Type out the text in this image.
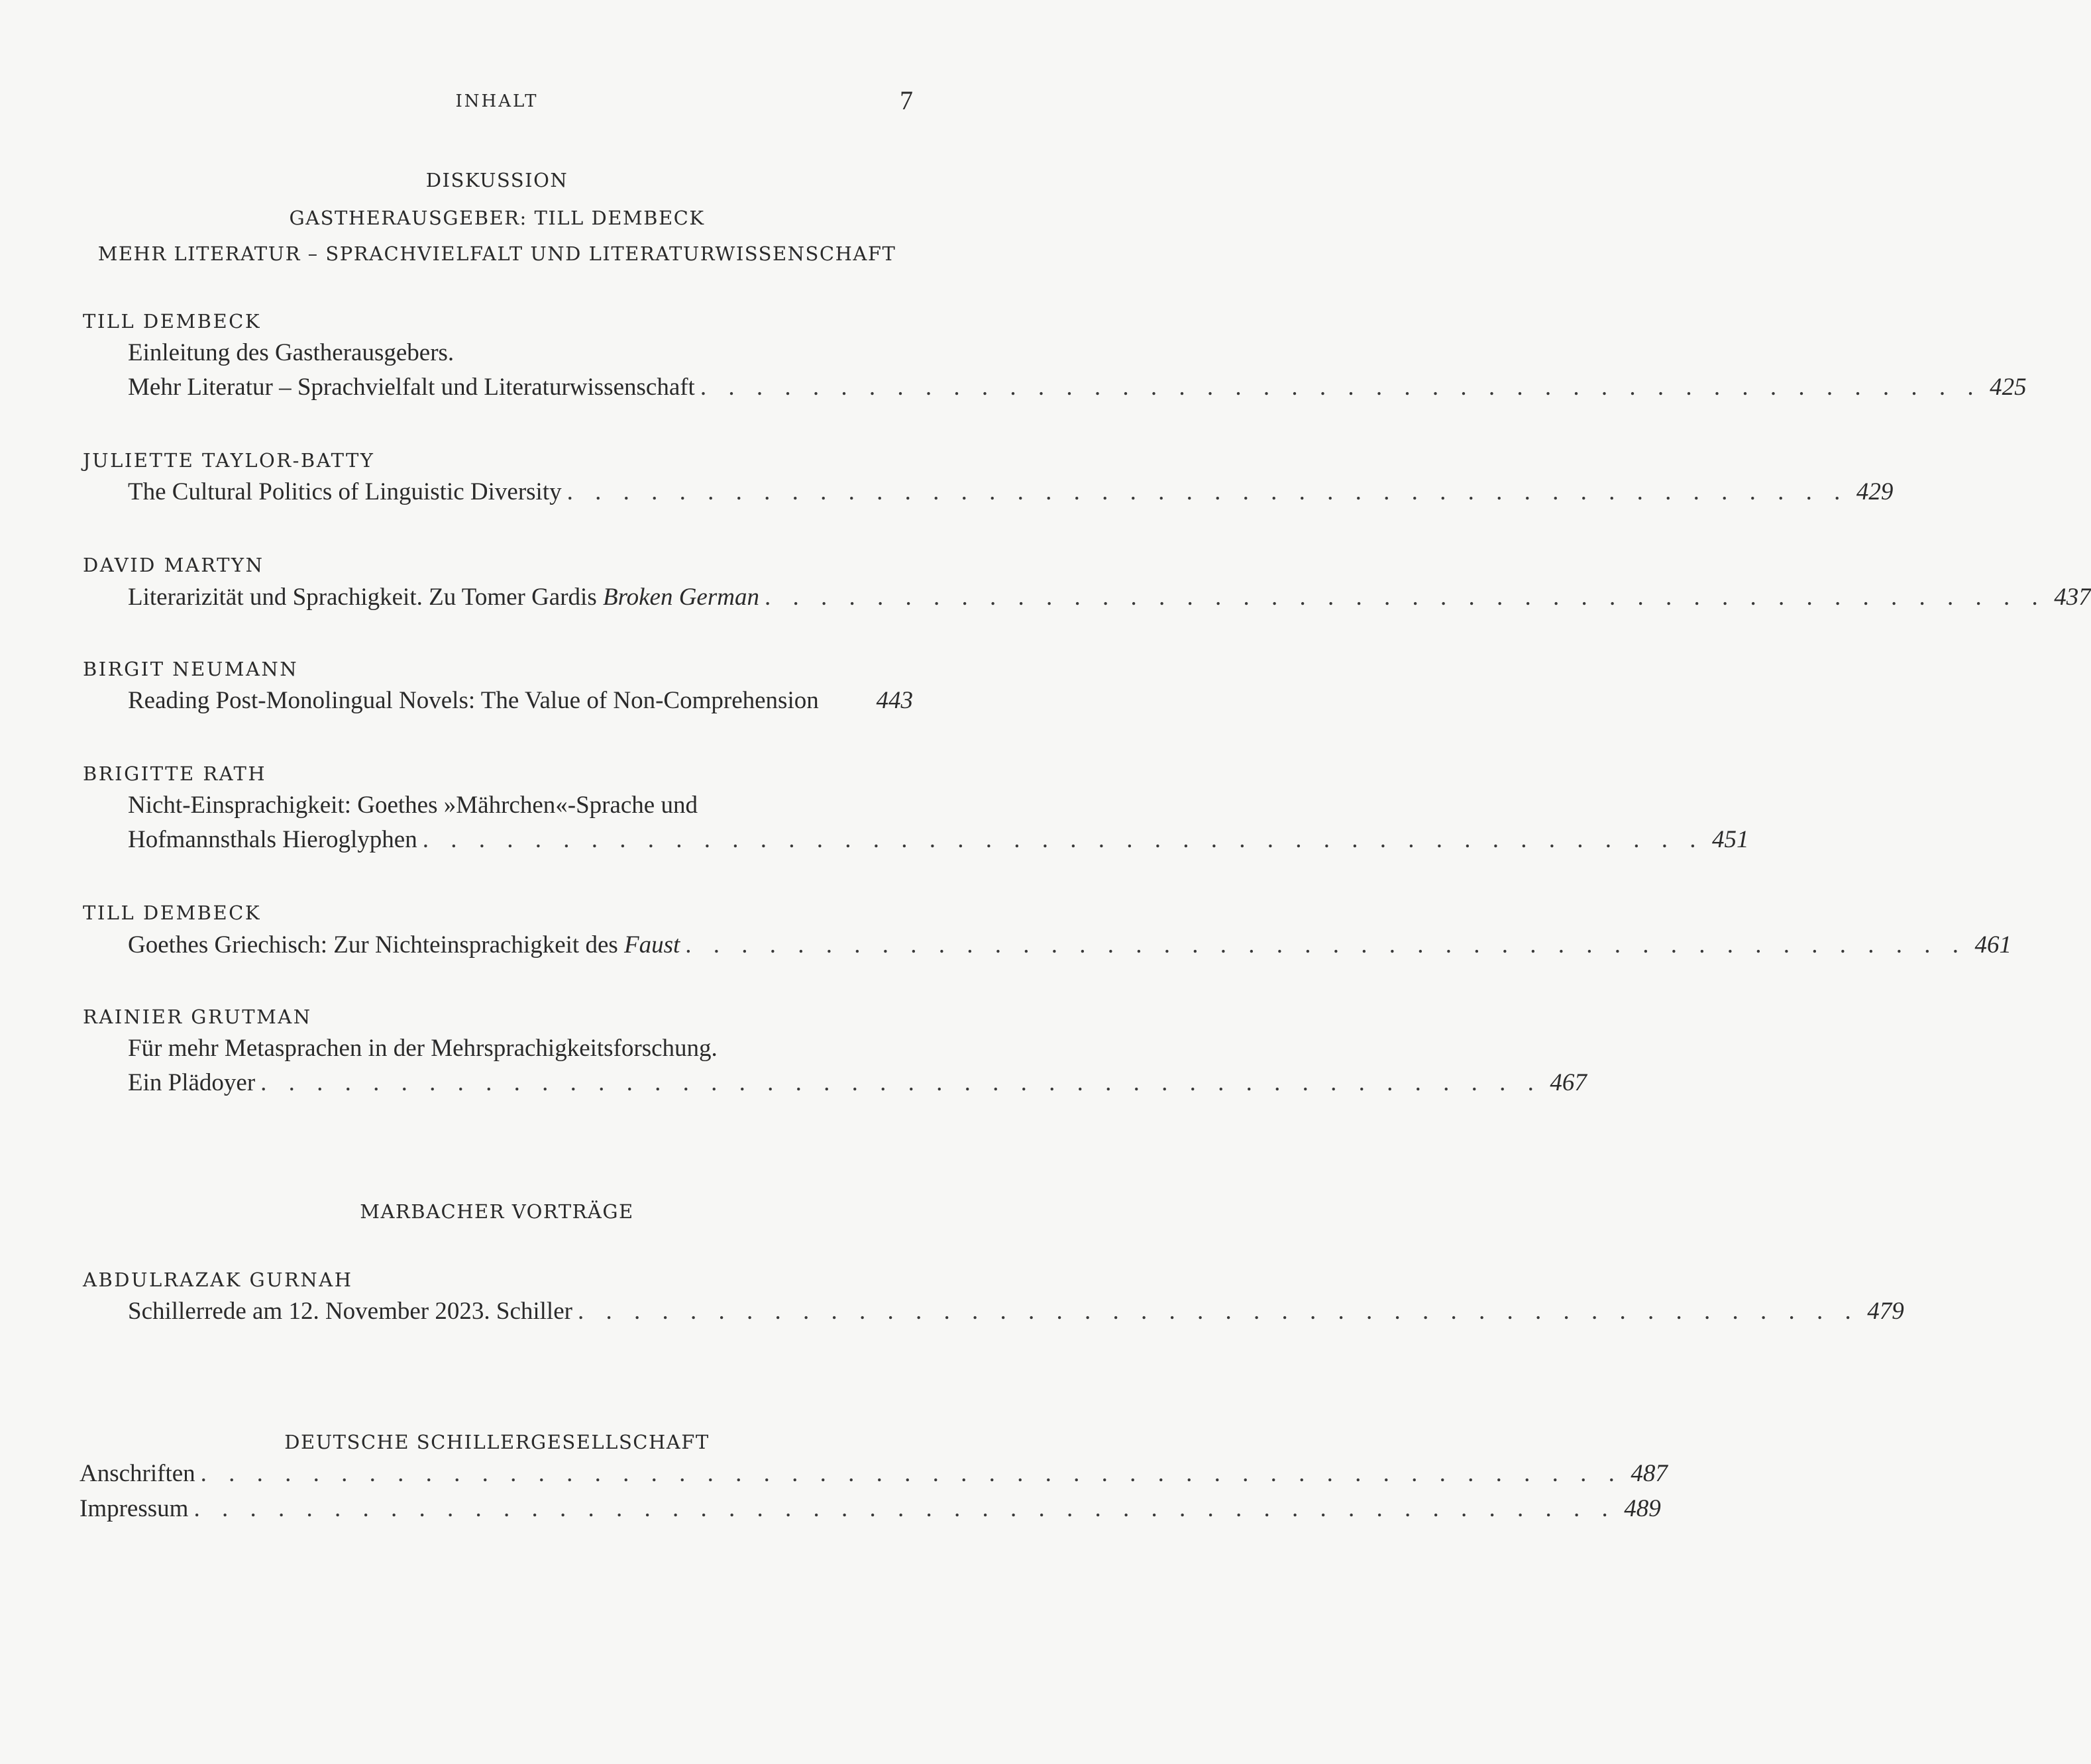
INHALT	7
DISKUSSION
GASTHERAUSGEBER: TILL DEMBECK
MEHR LITERATUR – SPRACHVIELFALT UND LITERATURWISSENSCHAFT
TILL DEMBECK
Einleitung des Gastherausgebers.
Mehr Literatur – Sprachvielfalt und Literaturwissenschaft . . . . . . . . . . . . . . . . . . . . . . . . . . . . . . . . . . . . . . . . . . . . . . 425
JULIETTE TAYLOR-BATTY
The Cultural Politics of Linguistic Diversity . . . . . . . . . . . . . . . . . . . . . . . . . . . . . . . . . . . . . . . . . . . . . . 429
DAVID MARTYN
Literarizität und Sprachigkeit. Zu Tomer Gardis Broken German . . . . . . . . . . . . . . . . . . . . . . . . . . . . . . . . . . . . . . . . . . . . . . 437
BIRGIT NEUMANN
Reading Post-Monolingual Novels: The Value of Non-Comprehension	443
BRIGITTE RATH
Nicht-Einsprachigkeit: Goethes »Mährchen«-Sprache und
Hofmannsthals Hieroglyphen . . . . . . . . . . . . . . . . . . . . . . . . . . . . . . . . . . . . . . . . . . . . . . 451
TILL DEMBECK
Goethes Griechisch: Zur Nichteinsprachigkeit des Faust . . . . . . . . . . . . . . . . . . . . . . . . . . . . . . . . . . . . . . . . . . . . . . 461
RAINIER GRUTMAN
Für mehr Metasprachen in der Mehrsprachigkeitsforschung.
Ein Plädoyer . . . . . . . . . . . . . . . . . . . . . . . . . . . . . . . . . . . . . . . . . . . . . . 467
MARBACHER VORTRÄGE
ABDULRAZAK GURNAH
Schillerrede am 12. November 2023. Schiller . . . . . . . . . . . . . . . . . . . . . . . . . . . . . . . . . . . . . . . . . . . . . . 479
DEUTSCHE SCHILLERGESELLSCHAFT
Anschriften . . . . . . . . . . . . . . . . . . . . . . . . . . . . . . . . . . . . . . . . . . . . . . . . . . . 487
Impressum . . . . . . . . . . . . . . . . . . . . . . . . . . . . . . . . . . . . . . . . . . . . . . . . . . . 489
